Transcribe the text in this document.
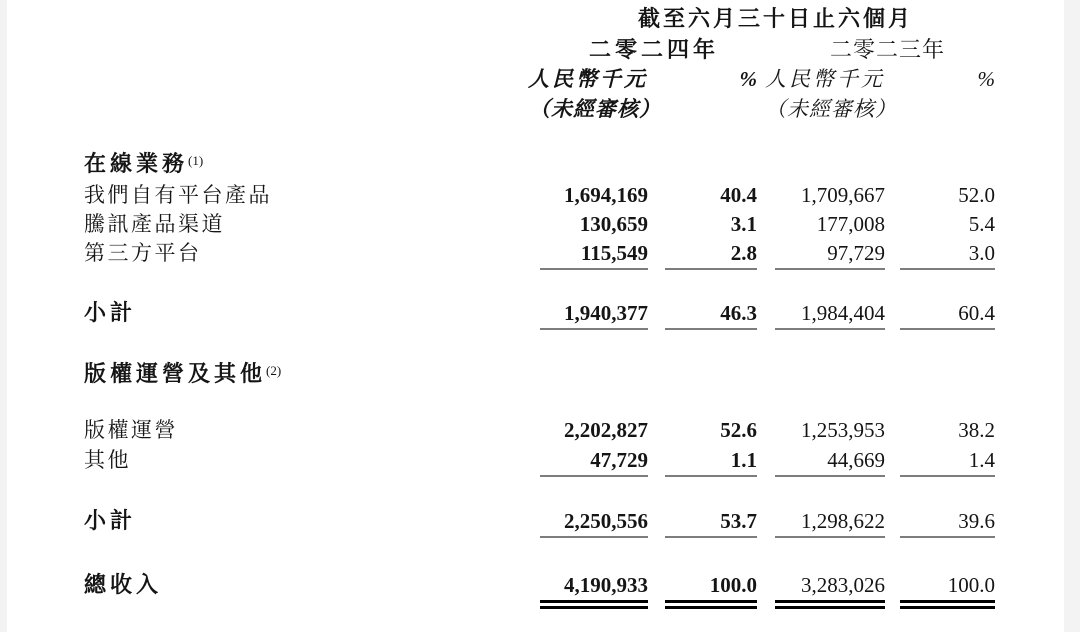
截至六月三十日止六個月
二零二四年	二零二三年
人民幣千元	% 人民幣千元	%
（未經審核）	（未經審核）
在線業務$^{(1)}$
我們自有平台產品	1,694,169	40.4	1,709,667	52.0
騰訊產品渠道	130,659	3.1	177,008	5.4
第三方平台	115,549	2.8	97,729	3.0
小計	1,940,377	46.3	1,984,404	60.4
版權運營及其他$^{(2)}$
版權運營	2,202,827	52.6	1,253,953	38.2
其他	47,729	1.1	44,669	1.4
小計	2,250,556	53.7	1,298,622	39.6
總收入	4,190,933	100.0	3,283,026	100.0
